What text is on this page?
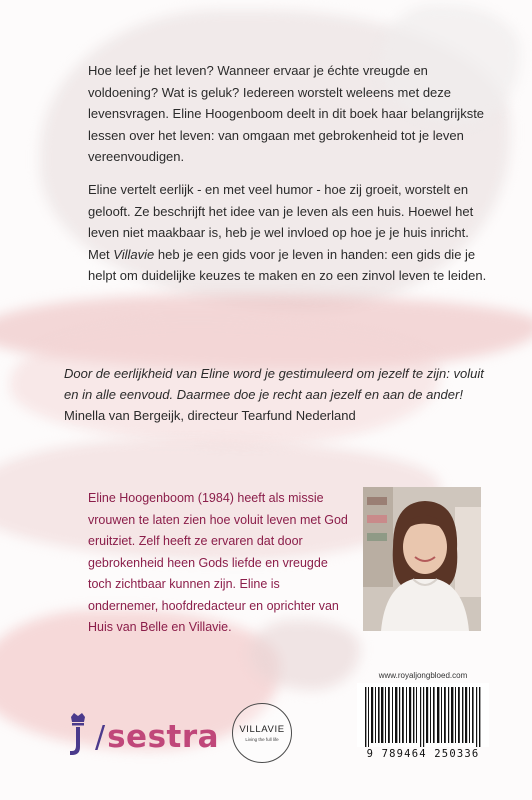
Hoe leef je het leven? Wanneer ervaar je échte vreugde en voldoening? Wat is geluk? Iedereen worstelt weleens met deze levensvragen. Eline Hoogenboom deelt in dit boek haar belangrijkste lessen over het leven: van omgaan met gebrokenheid tot je leven vereenvoudigen.

Eline vertelt eerlijk - en met veel humor - hoe zij groeit, worstelt en gelooft. Ze beschrijft het idee van je leven als een huis. Hoewel het leven niet maakbaar is, heb je wel invloed op hoe je je huis inricht. Met Villavie heb je een gids voor je leven in handen: een gids die je helpt om duidelijke keuzes te maken en zo een zinvol leven te leiden.

Door de eerlijkheid van Eline word je gestimuleerd om jezelf te zijn: voluit en in alle eenvoud. Daarmee doe je recht aan jezelf en aan de ander!
Minella van Bergeijk, directeur Tearfund Nederland

Eline Hoogenboom (1984) heeft als missie vrouwen te laten zien hoe voluit leven met God eruitziet. Zelf heeft ze ervaren dat door gebrokenheid heen Gods liefde en vreugde toch zichtbaar kunnen zijn. Eline is ondernemer, hoofdredacteur en oprichter van Huis van Belle en Villavie.

www.royaljongbloed.com
9 789464 250336
/ sestra VILLAVIE
Living the full life
